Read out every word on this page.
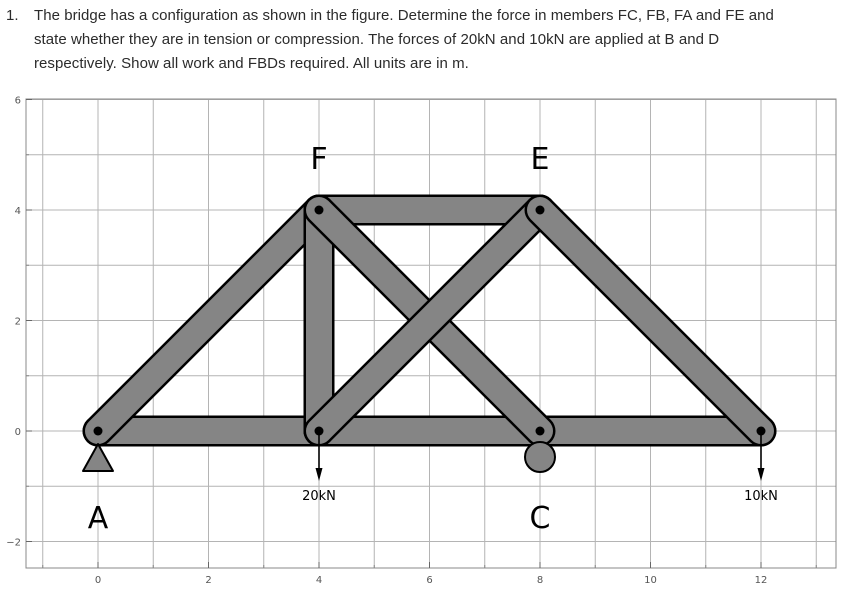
1. The bridge has a configuration as shown in the figure. Determine the force in members FC, FB, FA and FE and
state whether they are in tension or compression. The forces of 20kN and 10kN are applied at B and D
respectively. Show all work and FBDs required. All units are in m.
0	2	4	6	8	10	12
6
4
2
0
−2
20kN	10kN
A
F	E
C
